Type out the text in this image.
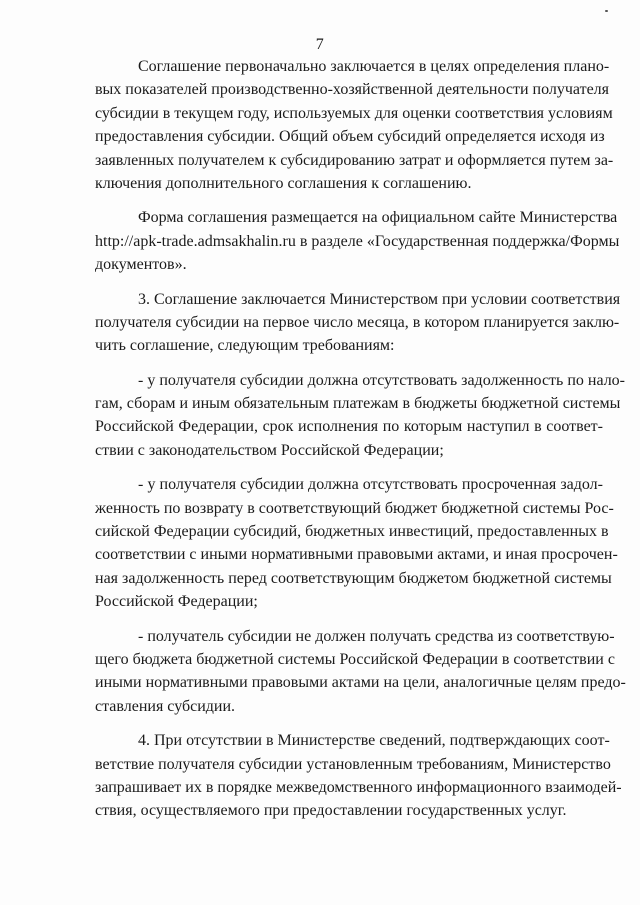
7
Соглашение первоначально заключается в целях определения плано-
вых показателей производственно-хозяйственной деятельности получателя
субсидии в текущем году, используемых для оценки соответствия условиям
предоставления субсидии. Общий объем субсидий определяется исходя из
заявленных получателем к субсидированию затрат и оформляется путем за-
ключения дополнительного соглашения к соглашению.
Форма соглашения размещается на официальном сайте Министерства
http://apk-trade.admsakhalin.ru в разделе «Государственная поддержка/Формы
документов».
3. Соглашение заключается Министерством при условии соответствия
получателя субсидии на первое число месяца, в котором планируется заклю-
чить соглашение, следующим требованиям:
- у получателя субсидии должна отсутствовать задолженность по нало-
гам, сборам и иным обязательным платежам в бюджеты бюджетной системы
Российской Федерации, срок исполнения по которым наступил в соответ-
ствии с законодательством Российской Федерации;
- у получателя субсидии должна отсутствовать просроченная задол-
женность по возврату в соответствующий бюджет бюджетной системы Рос-
сийской Федерации субсидий, бюджетных инвестиций, предоставленных в
соответствии с иными нормативными правовыми актами, и иная просрочен-
ная задолженность перед соответствующим бюджетом бюджетной системы
Российской Федерации;
- получатель субсидии не должен получать средства из соответствую-
щего бюджета бюджетной системы Российской Федерации в соответствии с
иными нормативными правовыми актами на цели, аналогичные целям предо-
ставления субсидии.
4. При отсутствии в Министерстве сведений, подтверждающих соот-
ветствие получателя субсидии установленным требованиям, Министерство
запрашивает их в порядке межведомственного информационного взаимодей-
ствия, осуществляемого при предоставлении государственных услуг.
